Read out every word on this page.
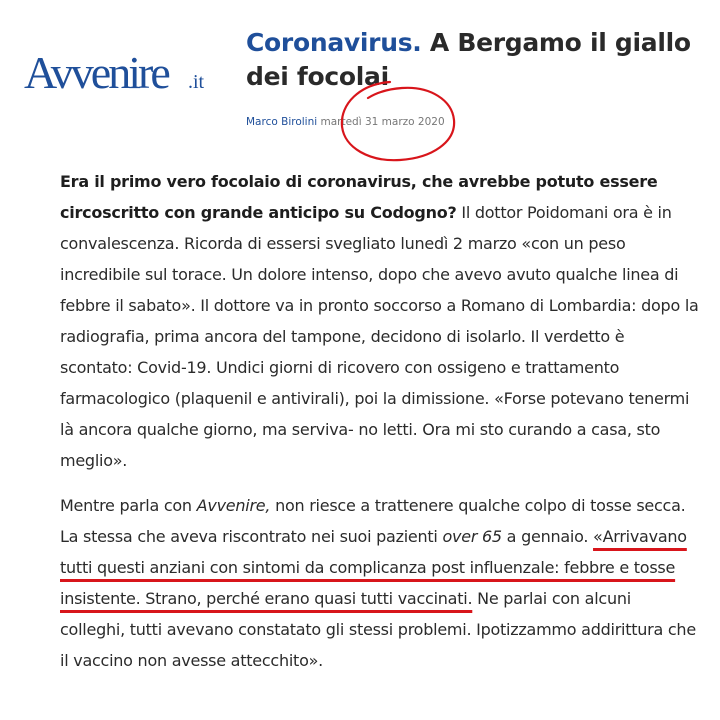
Avvenire .it
Coronavirus. A Bergamo il giallo dei focolai
Marco Birolini martedì 31 marzo 2020

Era il primo vero focolaio di coronavirus, che avrebbe potuto essere circoscritto con grande anticipo su Codogno? Il dottor Poidomani ora è in convalescenza. Ricorda di essersi svegliato lunedì 2 marzo «con un peso incredibile sul torace. Un dolore intenso, dopo che avevo avuto qualche linea di febbre il sabato». Il dottore va in pronto soccorso a Romano di Lombardia: dopo la radiografia, prima ancora del tampone, decidono di isolarlo. Il verdetto è scontato: Covid-19. Undici giorni di ricovero con ossigeno e trattamento farmacologico (plaquenil e antivirali), poi la dimissione. «Forse potevano tenermi là ancora qualche giorno, ma serviva- no letti. Ora mi sto curando a casa, sto meglio».

Mentre parla con Avvenire, non riesce a trattenere qualche colpo di tosse secca. La stessa che aveva riscontrato nei suoi pazienti over 65 a gennaio. «Arrivavano tutti questi anziani con sintomi da complicanza post influenzale: febbre e tosse insistente. Strano, perché erano quasi tutti vaccinati. Ne parlai con alcuni colleghi, tutti avevano constatato gli stessi problemi. Ipotizzammo addirittura che il vaccino non avesse attecchito».
